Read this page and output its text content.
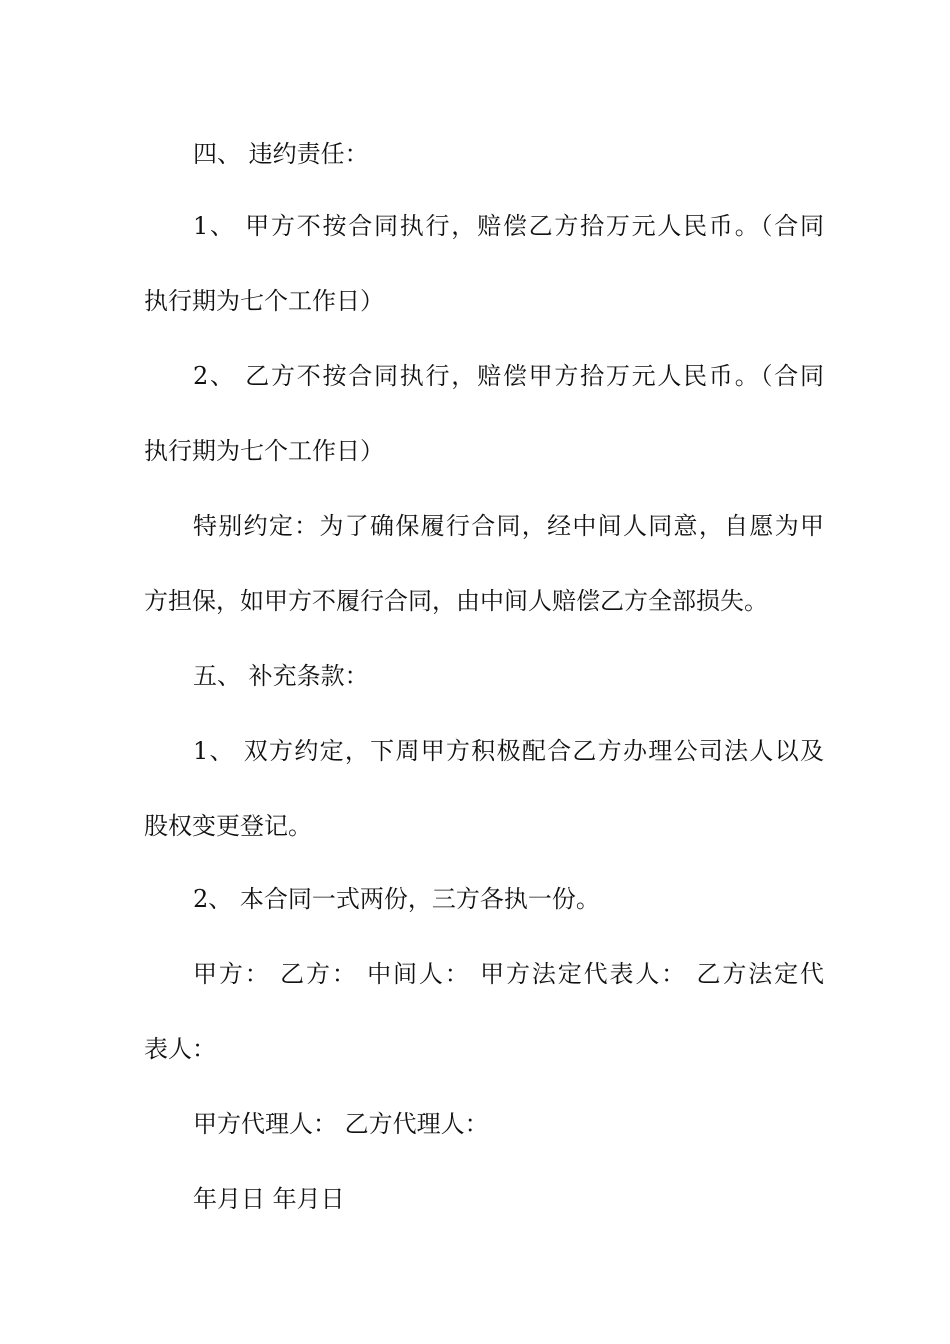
四、 违约责任：
1、 甲方不按合同执行，赔偿乙方拾万元人民币。（合同
执行期为七个工作日）
2、 乙方不按合同执行，赔偿甲方拾万元人民币。（合同
执行期为七个工作日）
特别约定：为了确保履行合同，经中间人同意，自愿为甲
方担保，如甲方不履行合同，由中间人赔偿乙方全部损失。
五、 补充条款：
1、 双方约定，下周甲方积极配合乙方办理公司法人以及
股权变更登记。
2、 本合同一式两份，三方各执一份。
甲方： 乙方： 中间人： 甲方法定代表人： 乙方法定代
表人：
甲方代理人： 乙方代理人：
年月日 年月日
